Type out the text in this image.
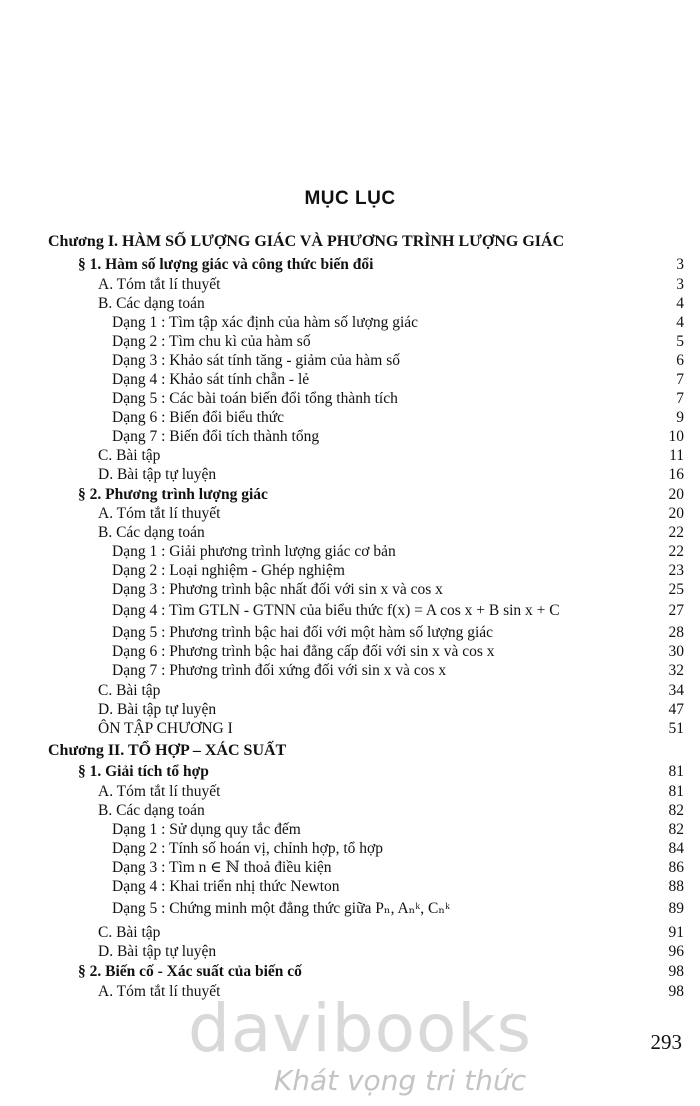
MỤC LỤC
Chương I. HÀM SỐ LƯỢNG GIÁC VÀ PHƯƠNG TRÌNH LƯỢNG GIÁC
§ 1. Hàm số lượng giác và công thức biến đổi	3
A. Tóm tắt lí thuyết	3
B. Các dạng toán	4
Dạng 1 : Tìm tập xác định của hàm số lượng giác	4
Dạng 2 : Tìm chu kì của hàm số	5
Dạng 3 : Khảo sát tính tăng - giảm của hàm số	6
Dạng 4 : Khảo sát tính chẵn - lẻ	7
Dạng 5 : Các bài toán biến đổi tổng thành tích	7
Dạng 6 : Biến đổi biểu thức	9
Dạng 7 : Biến đổi tích thành tổng	10
C. Bài tập	11
D. Bài tập tự luyện	16
§ 2. Phương trình lượng giác	20
A. Tóm tắt lí thuyết	20
B. Các dạng toán	22
Dạng 1 : Giải phương trình lượng giác cơ bản	22
Dạng 2 : Loại nghiệm - Ghép nghiệm	23
Dạng 3 : Phương trình bậc nhất đối với sin x và cos x	25
Dạng 4 : Tìm GTLN - GTNN của biểu thức f(x) = A cos x + B sin x + C	27
Dạng 5 : Phương trình bậc hai đối với một hàm số lượng giác	28
Dạng 6 : Phương trình bậc hai đẳng cấp đối với sin x và cos x	30
Dạng 7 : Phương trình đối xứng đối với sin x và cos x	32
C. Bài tập	34
D. Bài tập tự luyện	47
ÔN TẬP CHƯƠNG I	51
Chương II. TỔ HỢP – XÁC SUẤT
§ 1. Giải tích tổ hợp	81
A. Tóm tắt lí thuyết	81
B. Các dạng toán	82
Dạng 1 : Sử dụng quy tắc đếm	82
Dạng 2 : Tính số hoán vị, chỉnh hợp, tổ hợp	84
Dạng 3 : Tìm n ∈ ℕ thoả điều kiện	86
Dạng 4 : Khai triển nhị thức Newton	88
Dạng 5 : Chứng minh một đẳng thức giữa Pₙ, Aₙᵏ, Cₙᵏ	89
C. Bài tập	91
D. Bài tập tự luyện	96
§ 2. Biến cố - Xác suất của biến cố	98
A. Tóm tắt lí thuyết	98
293
davibooks
Khát vọng tri thức
